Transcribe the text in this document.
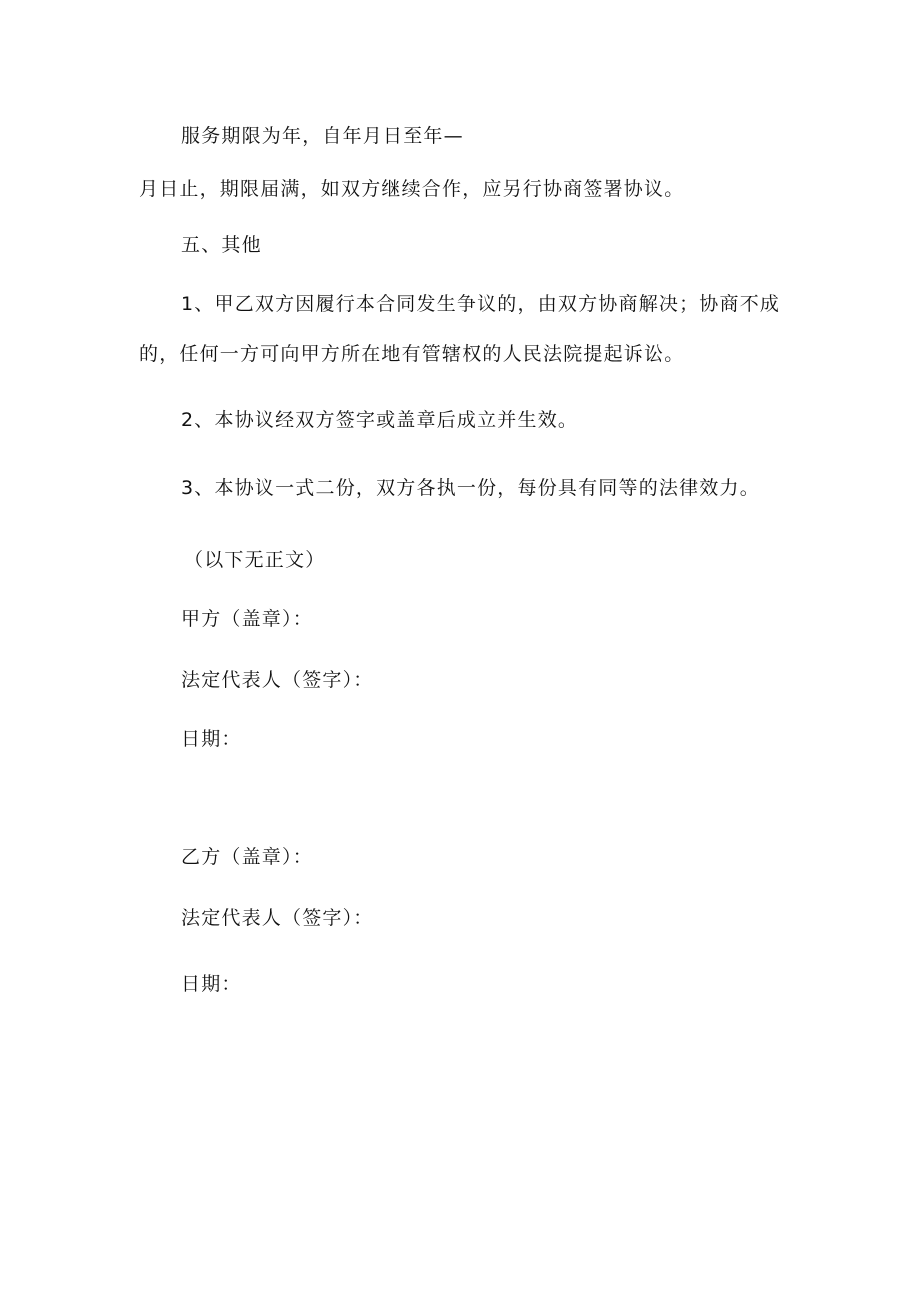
服务期限为年，自年月日至年—
月日止，期限届满，如双方继续合作，应另行协商签署协议。
五、其他
1、甲乙双方因履行本合同发生争议的，由双方协商解决；协商不成
的，任何一方可向甲方所在地有管辖权的人民法院提起诉讼。
2、本协议经双方签字或盖章后成立并生效。
3、本协议一式二份，双方各执一份，每份具有同等的法律效力。
（以下无正文）
甲方（盖章）：
法定代表人（签字）：
日期：
乙方（盖章）：
法定代表人（签字）：
日期：
